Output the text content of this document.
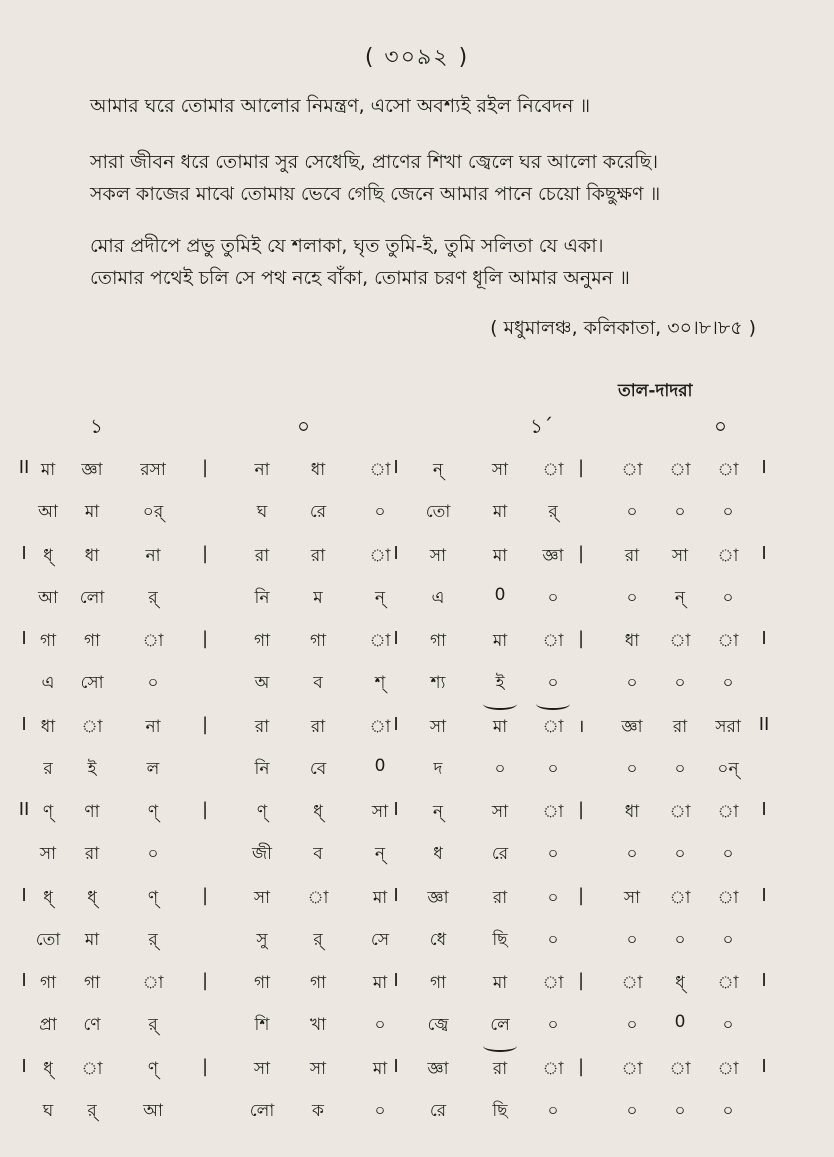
( ৩০৯২ )
আমার ঘরে তোমার আলোর নিমন্ত্রণ, এসো অবশ্যই রইল নিবেদন ॥
সারা জীবন ধরে তোমার সুর সেধেছি, প্রাণের শিখা জ্বেলে ঘর আলো করেছি।
সকল কাজের মাঝে তোমায় ভেবে গেছি জেনে আমার পানে চেয়ো কিছুক্ষণ ॥
মোর প্রদীপে প্রভু তুমিই যে শলাকা, ঘৃত তুমি-ই, তুমি সলিতা যে একা।
তোমার পথেই চলি সে পথ নহে বাঁকা, তোমার চরণ ধূলি আমার অনুমন ॥
( মধুমালঞ্চ, কলিকাতা, ৩০।৮।৮৫ )
তাল-দাদরা
১	০	১´	০
II মা	জ্ঞা	রসা	না	ধা	া	ন্	সা	া	া	া	া
|	I	|	I
আ	মা	০র্	ঘ	রে	০	তো	মা	র্	০	০	০
I ধ্	ধা	না	রা	রা	া	সা	মা	জ্ঞা	রা	সা	া
|	I	|	I
আ	লো	র্	নি	ম	ন্	এ	0	০	০	ন্	০
I গা	গা	া	গা	গা	া	গা	মা	া	ধা	া	া
|	I	|	I
এ	সো	০	অ	ব	শ্	শ্য	ই	০	০	০	০
I ধা	া	না	রা	রা	া	সা	মা	া	জ্ঞা	রা	সরা
|	I	।	II
র	ই	ল	নি	বে	0	দ	০	০	০	০	০ন্
II ণ্	ণা	ণ্	ণ্	ধ্	সা	ন্	সা	া	ধা	া	া
|	I	|	I
সা	রা	০	জী	ব	ন্	ধ	রে	০	০	০	০
I ধ্	ধ্	ণ্	সা	া	মা	জ্ঞা	রা	০	সা	া	া
|	I	|	I
তো	মা	র্	সু	র্	সে	ধে	ছি	০	০	০	০
I গা	গা	া	গা	গা	মা	গা	মা	া	া	ধ্	া
|	I	|	I
প্রা	ণে	র্	শি	খা	০	জ্বে	লে	০	০	0	০
I ধ্	া	ণ্	সা	সা	মা	জ্ঞা	রা	া	া	া	া
|	I	|	I
ঘ	র্	আ	লো	ক	০	রে	ছি	০	০	০	০
